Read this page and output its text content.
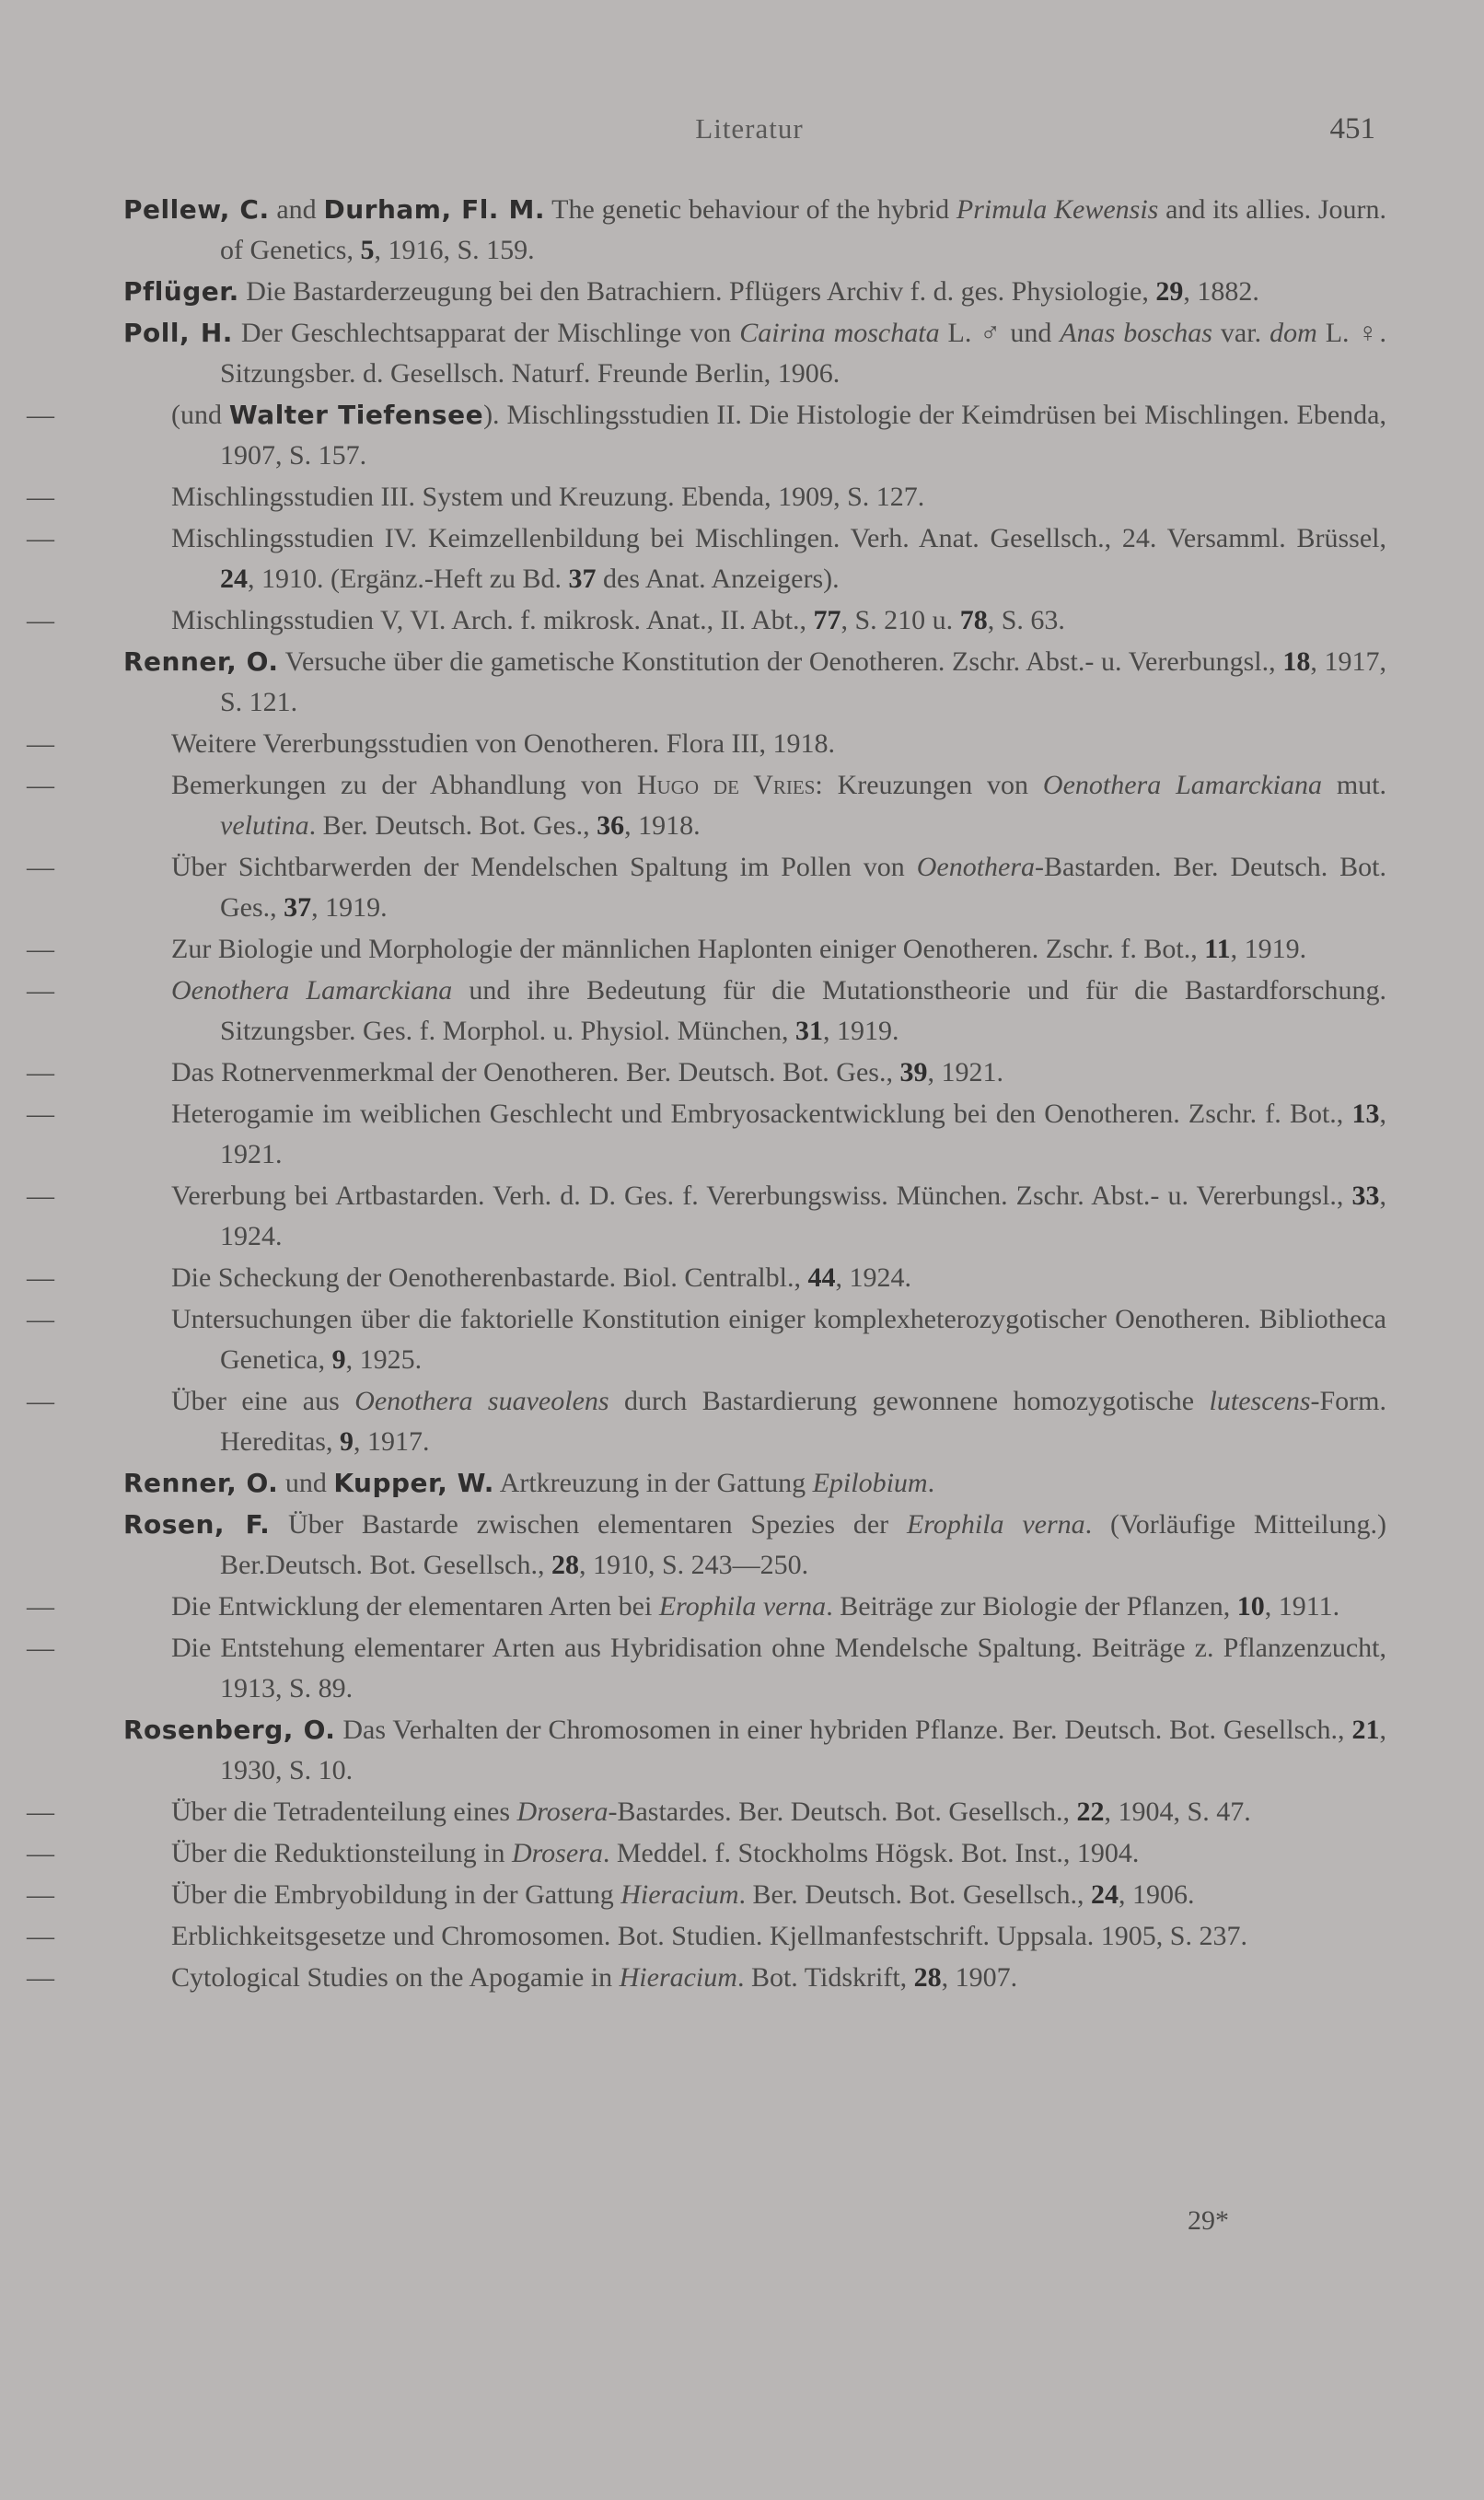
Literatur	451
Pellew, C. and Durham, Fl. M. The genetic behaviour of the hybrid Primula Kewensis and its allies. Journ. of Genetics, 5, 1916, S. 159.
Pflüger. Die Bastarderzeugung bei den Batrachiern. Pflügers Archiv f. d. ges. Physiologie, 29, 1882.
Poll, H. Der Geschlechtsapparat der Mischlinge von Cairina moschata L. ♂ und Anas boschas var. dom L. ♀. Sitzungsber. d. Gesellsch. Naturf. Freunde Berlin, 1906.
—	(und Walter Tiefensee). Mischlingsstudien II. Die Histologie der Keimdrüsen bei Mischlingen. Ebenda, 1907, S. 157.
—	Mischlingsstudien III. System und Kreuzung. Ebenda, 1909, S. 127.
—	Mischlingsstudien IV. Keimzellenbildung bei Mischlingen. Verh. Anat. Gesellsch., 24. Versamml. Brüssel, 24, 1910. (Ergänz.-Heft zu Bd. 37 des Anat. Anzeigers).
—	Mischlingsstudien V, VI. Arch. f. mikrosk. Anat., II. Abt., 77, S. 210 u. 78, S. 63.
Renner, O. Versuche über die gametische Konstitution der Oenotheren. Zschr. Abst.- u. Vererbungsl., 18, 1917, S. 121.
—	Weitere Vererbungsstudien von Oenotheren. Flora III, 1918.
—	Bemerkungen zu der Abhandlung von Hugo de Vries: Kreuzungen von Oenothera Lamarckiana mut. velutina. Ber. Deutsch. Bot. Ges., 36, 1918.
—	Über Sichtbarwerden der Mendelschen Spaltung im Pollen von Oenothera-Bastarden. Ber. Deutsch. Bot. Ges., 37, 1919.
—	Zur Biologie und Morphologie der männlichen Haplonten einiger Oenotheren. Zschr. f. Bot., 11, 1919.
—	Oenothera Lamarckiana und ihre Bedeutung für die Mutationstheorie und für die Bastardforschung. Sitzungsber. Ges. f. Morphol. u. Physiol. München, 31, 1919.
—	Das Rotnervenmerkmal der Oenotheren. Ber. Deutsch. Bot. Ges., 39, 1921.
—	Heterogamie im weiblichen Geschlecht und Embryosackentwicklung bei den Oenotheren. Zschr. f. Bot., 13, 1921.
—	Vererbung bei Artbastarden. Verh. d. D. Ges. f. Vererbungswiss. München. Zschr. Abst.- u. Vererbungsl., 33, 1924.
—	Die Scheckung der Oenotherenbastarde. Biol. Centralbl., 44, 1924.
—	Untersuchungen über die faktorielle Konstitution einiger komplexheterozygotischer Oenotheren. Bibliotheca Genetica, 9, 1925.
—	Über eine aus Oenothera suaveolens durch Bastardierung gewonnene homozygotische lutescens-Form. Hereditas, 9, 1917.
Renner, O. und Kupper, W. Artkreuzung in der Gattung Epilobium.
Rosen, F. Über Bastarde zwischen elementaren Spezies der Erophila verna. (Vorläufige Mitteilung.) Ber.Deutsch. Bot. Gesellsch., 28, 1910, S. 243—250.
—	Die Entwicklung der elementaren Arten bei Erophila verna. Beiträge zur Biologie der Pflanzen, 10, 1911.
—	Die Entstehung elementarer Arten aus Hybridisation ohne Mendelsche Spaltung. Beiträge z. Pflanzenzucht, 1913, S. 89.
Rosenberg, O. Das Verhalten der Chromosomen in einer hybriden Pflanze. Ber. Deutsch. Bot. Gesellsch., 21, 1930, S. 10.
—	Über die Tetradenteilung eines Drosera-Bastardes. Ber. Deutsch. Bot. Gesellsch., 22, 1904, S. 47.
—	Über die Reduktionsteilung in Drosera. Meddel. f. Stockholms Högsk. Bot. Inst., 1904.
—	Über die Embryobildung in der Gattung Hieracium. Ber. Deutsch. Bot. Gesellsch., 24, 1906.
—	Erblichkeitsgesetze und Chromosomen. Bot. Studien. Kjellmanfestschrift. Uppsala. 1905, S. 237.
—	Cytological Studies on the Apogamie in Hieracium. Bot. Tidskrift, 28, 1907.
29*
